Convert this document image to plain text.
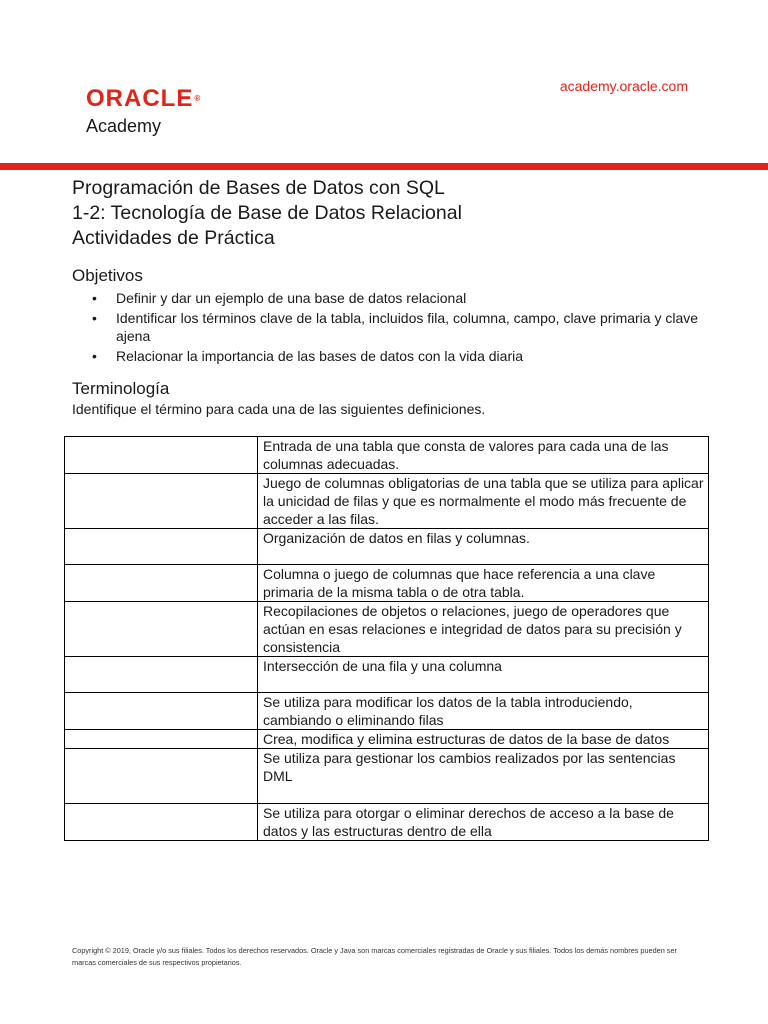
ORACLE®
Academy
academy.oracle.com
Programación de Bases de Datos con SQL
1-2: Tecnología de Base de Datos Relacional
Actividades de Práctica
Objetivos
• Definir y dar un ejemplo de una base de datos relacional
• Identificar los términos clave de la tabla, incluidos fila, columna, campo, clave primaria y clave ajena
• Relacionar la importancia de las bases de datos con la vida diaria
Terminología
Identifique el término para cada una de las siguientes definiciones.
	Entrada de una tabla que consta de valores para cada una de las columnas adecuadas.
	Juego de columnas obligatorias de una tabla que se utiliza para aplicar la unicidad de filas y que es normalmente el modo más frecuente de acceder a las filas.
	Organización de datos en filas y columnas.
	Columna o juego de columnas que hace referencia a una clave primaria de la misma tabla o de otra tabla.
	Recopilaciones de objetos o relaciones, juego de operadores que actúan en esas relaciones e integridad de datos para su precisión y consistencia
	Intersección de una fila y una columna
	Se utiliza para modificar los datos de la tabla introduciendo, cambiando o eliminando filas
	Crea, modifica y elimina estructuras de datos de la base de datos
	Se utiliza para gestionar los cambios realizados por las sentencias DML
	Se utiliza para otorgar o eliminar derechos de acceso a la base de datos y las estructuras dentro de ella
Copyright © 2019, Oracle y/o sus filiales. Todos los derechos reservados. Oracle y Java son marcas comerciales registradas de Oracle y sus filiales. Todos los demás nombres pueden ser marcas comerciales de sus respectivos propietarios.
